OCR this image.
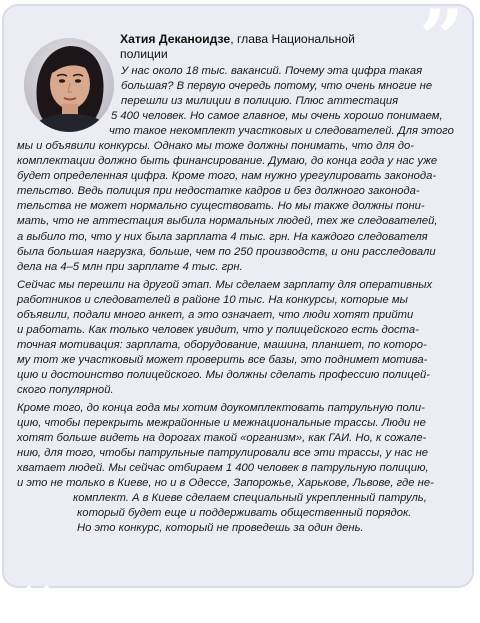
”
”
Хатия Деканоидзе, глава Национальной
полиции
У нас около 18 тыс. вакансий. Почему эта цифра такая
большая? В первую очередь потому, что очень многие не
перешли из милиции в полицию. Плюс аттестация
5 400 человек. Но самое главное, мы очень хорошо понимаем,
что такое некомплект участковых и следователей. Для этого
мы и объявили конкурсы. Однако мы тоже должны понимать, что для до-
комплектации должно быть финансирование. Думаю, до конца года у нас уже
будет определенная цифра. Кроме того, нам нужно урегулировать законода-
тельство. Ведь полиция при недостатке кадров и без должного законода-
тельства не может нормально существовать. Но мы также должны пони-
мать, что не аттестация выбила нормальных людей, тех же следователей,
а выбило то, что у них была зарплата 4 тыс. грн. На каждого следователя
была большая нагрузка, больше, чем по 250 производств, и они расследовали
дела на 4–5 млн при зарплате 4 тыс. грн.
Сейчас мы перешли на другой этап. Мы сделаем зарплату для оперативных
работников и следователей в районе 10 тыс. На конкурсы, которые мы
объявили, подали много анкет, а это означает, что люди хотят прийти
и работать. Как только человек увидит, что у полицейского есть доста-
точная мотивация: зарплата, оборудование, машина, планшет, по которо-
му тот же участковый может проверить все базы, это поднимет мотива-
цию и достоинство полицейского. Мы должны сделать профессию полицей-
ского популярной.
Кроме того, до конца года мы хотим доукомплектовать патрульную поли-
цию, чтобы перекрыть межрайонные и межнациональные трассы. Люди не
хотят больше видеть на дорогах такой «организм», как ГАИ. Но, к сожале-
нию, для того, чтобы патрульные патрулировали все эти трассы, у нас не
хватает людей. Мы сейчас отбираем 1 400 человек в патрульную полицию,
и это не только в Киеве, но и в Одессе, Запорожье, Харькове, Львове, где не-
комплект. А в Киеве сделаем специальный укрепленный патруль,
который будет еще и поддерживать общественный порядок.
Но это конкурс, который не проведешь за один день.
